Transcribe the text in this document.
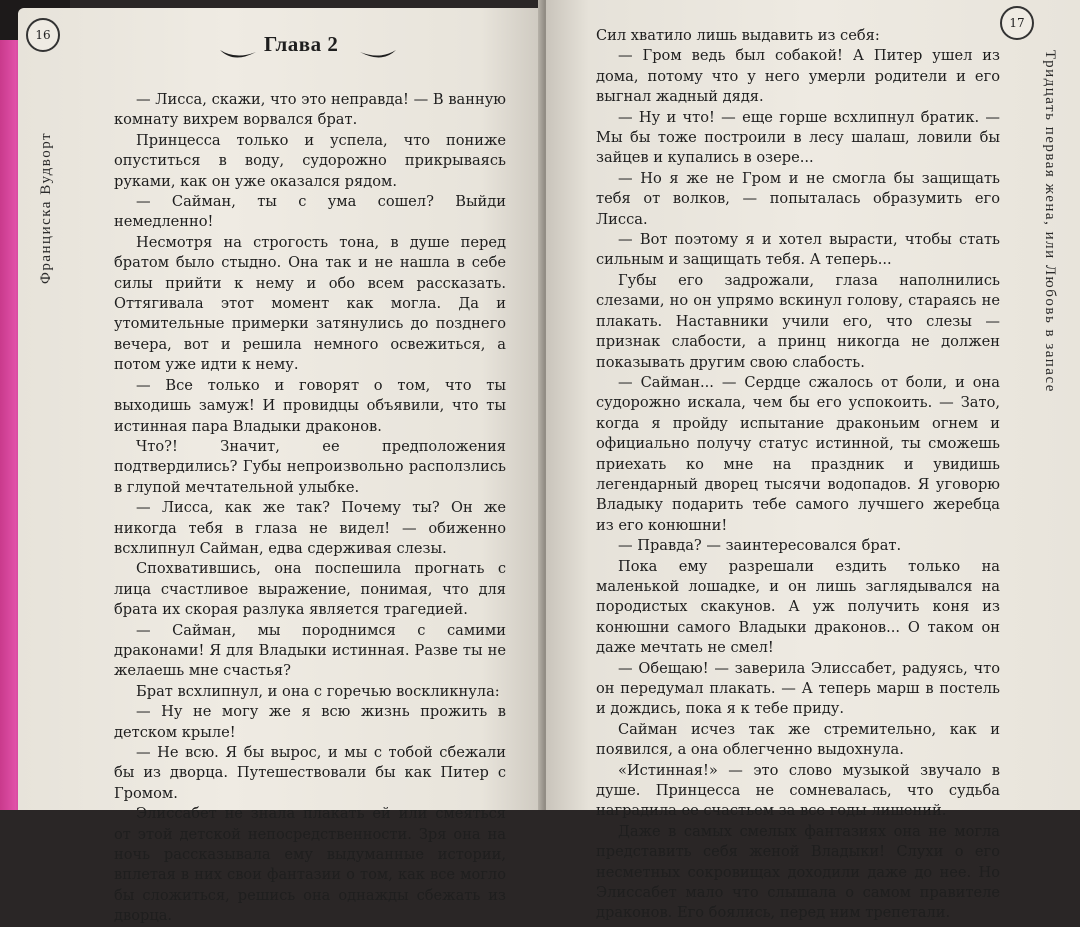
16
Франциска Вудворт
Глава 2

— Лисса, скажи, что это неправда! — В ванную комнату вихрем ворвался брат.

Принцесса только и успела, что пониже опуститься в воду, судорожно прикрываясь руками, как он уже оказался рядом.

— Сайман, ты с ума сошел? Выйди немедленно!

Несмотря на строгость тона, в душе перед братом было стыдно. Она так и не нашла в себе силы прийти к нему и обо всем рассказать. Оттягивала этот момент как могла. Да и утомительные примерки затянулись до позднего вечера, вот и решила немного освежиться, а потом уже идти к нему.

— Все только и говорят о том, что ты выходишь замуж! И провидцы объявили, что ты истинная пара Владыки драконов.

Что?! Значит, ее предположения подтвердились? Губы непроизвольно расползлись в глупой мечтательной улыбке.

— Лисса, как же так? Почему ты? Он же никогда тебя в глаза не видел! — обиженно всхлипнул Сайман, едва сдерживая слезы.

Спохватившись, она поспешила прогнать с лица счастливое выражение, понимая, что для брата их скорая разлука является трагедией.

— Сайман, мы породнимся с самими драконами! Я для Владыки истинная. Разве ты не желаешь мне счастья?

Брат всхлипнул, и она с горечью воскликнула:

— Ну не могу же я всю жизнь прожить в детском крыле!

— Не всю. Я бы вырос, и мы с тобой сбежали бы из дворца. Путешествовали бы как Питер с Громом.

Элиссабет не знала плакать ей или смеяться от этой детской непосредственности. Зря она на ночь рассказывала ему выдуманные истории, вплетая в них свои фантазии о том, как все могло бы сложиться, решись она однажды сбежать из дворца.

17
Тридцать первая жена, или Любовь в запасе

Сил хватило лишь выдавить из себя:

— Гром ведь был собакой! А Питер ушел из дома, потому что у него умерли родители и его выгнал жадный дядя.

— Ну и что! — еще горше всхлипнул братик. — Мы бы тоже построили в лесу шалаш, ловили бы зайцев и купались в озере...

— Но я же не Гром и не смогла бы защищать тебя от волков, — попыталась образумить его Лисса.

— Вот поэтому я и хотел вырасти, чтобы стать сильным и защищать тебя. А теперь...

Губы его задрожали, глаза наполнились слезами, но он упрямо вскинул голову, стараясь не плакать. Наставники учили его, что слезы — признак слабости, а принц никогда не должен показывать другим свою слабость.

— Сайман... — Сердце сжалось от боли, и она судорожно искала, чем бы его успокоить. — Зато, когда я пройду испытание драконьим огнем и официально получу статус истинной, ты сможешь приехать ко мне на праздник и увидишь легендарный дворец тысячи водопадов. Я уговорю Владыку подарить тебе самого лучшего жеребца из его конюшни!

— Правда? — заинтересовался брат.

Пока ему разрешали ездить только на маленькой лошадке, и он лишь заглядывался на породистых скакунов. А уж получить коня из конюшни самого Владыки драконов... О таком он даже мечтать не смел!

— Обещаю! — заверила Элиссабет, радуясь, что он передумал плакать. — А теперь марш в постель и дождись, пока я к тебе приду.

Сайман исчез так же стремительно, как и появился, а она облегченно выдохнула.

«Истинная!» — это слово музыкой звучало в душе. Принцесса не сомневалась, что судьба наградила ее счастьем за все годы лишений.

Даже в самых смелых фантазиях она не могла представить себя женой Владыки! Слухи о его несметных сокровищах доходили даже до нее. Но Элиссабет мало что слышала о самом правителе драконов. Его боялись, перед ним трепетали.
